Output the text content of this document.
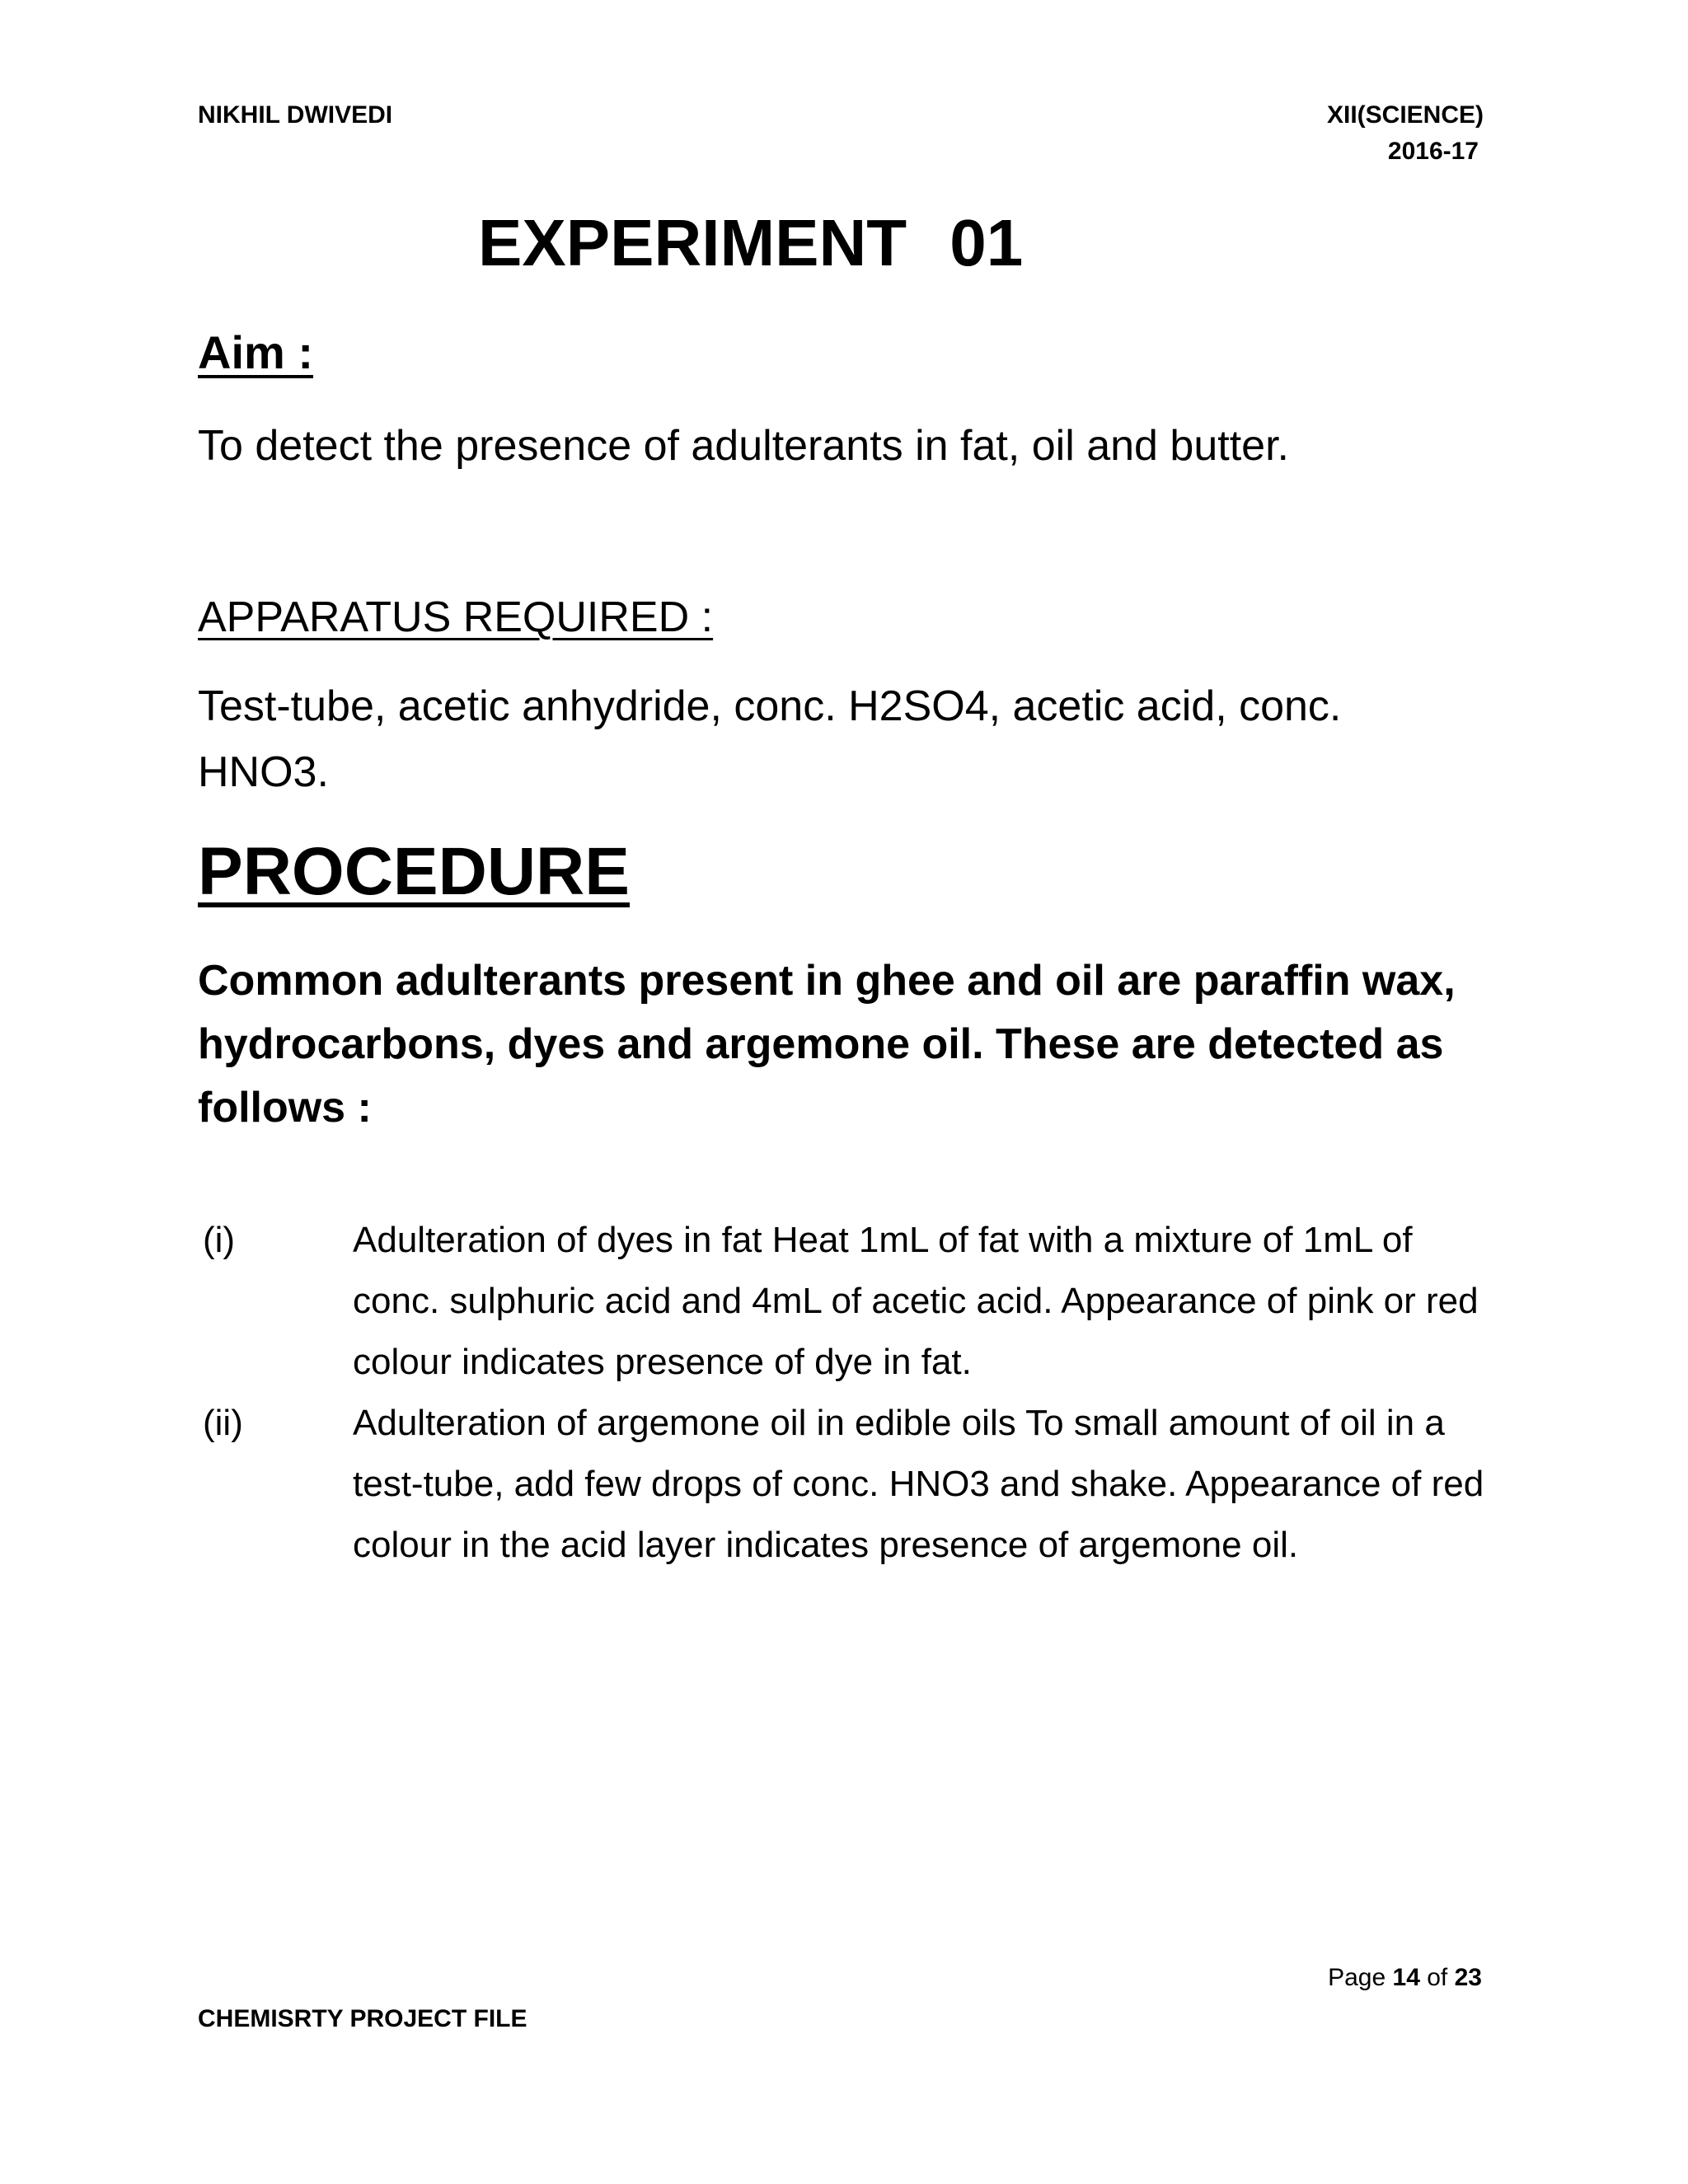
NIKHIL DWIVEDI	XII(SCIENCE)
2016-17
EXPERIMENT 01
Aim :
To detect the presence of adulterants in fat, oil and butter.
APPARATUS REQUIRED :
Test-tube, acetic anhydride, conc. H2SO4, acetic acid, conc.
HNO3.
PROCEDURE
Common adulterants present in ghee and oil are paraffin wax, hydrocarbons, dyes and argemone oil. These are detected as follows :
(i)	Adulteration of dyes in fat Heat 1mL of fat with a mixture of 1mL of conc. sulphuric acid and 4mL of acetic acid. Appearance of pink or red colour indicates presence of dye in fat.
(ii)	Adulteration of argemone oil in edible oils To small amount of oil in a test-tube, add few drops of conc. HNO3 and shake. Appearance of red colour in the acid layer indicates presence of argemone oil.
Page 14 of 23
CHEMISRTY PROJECT FILE
